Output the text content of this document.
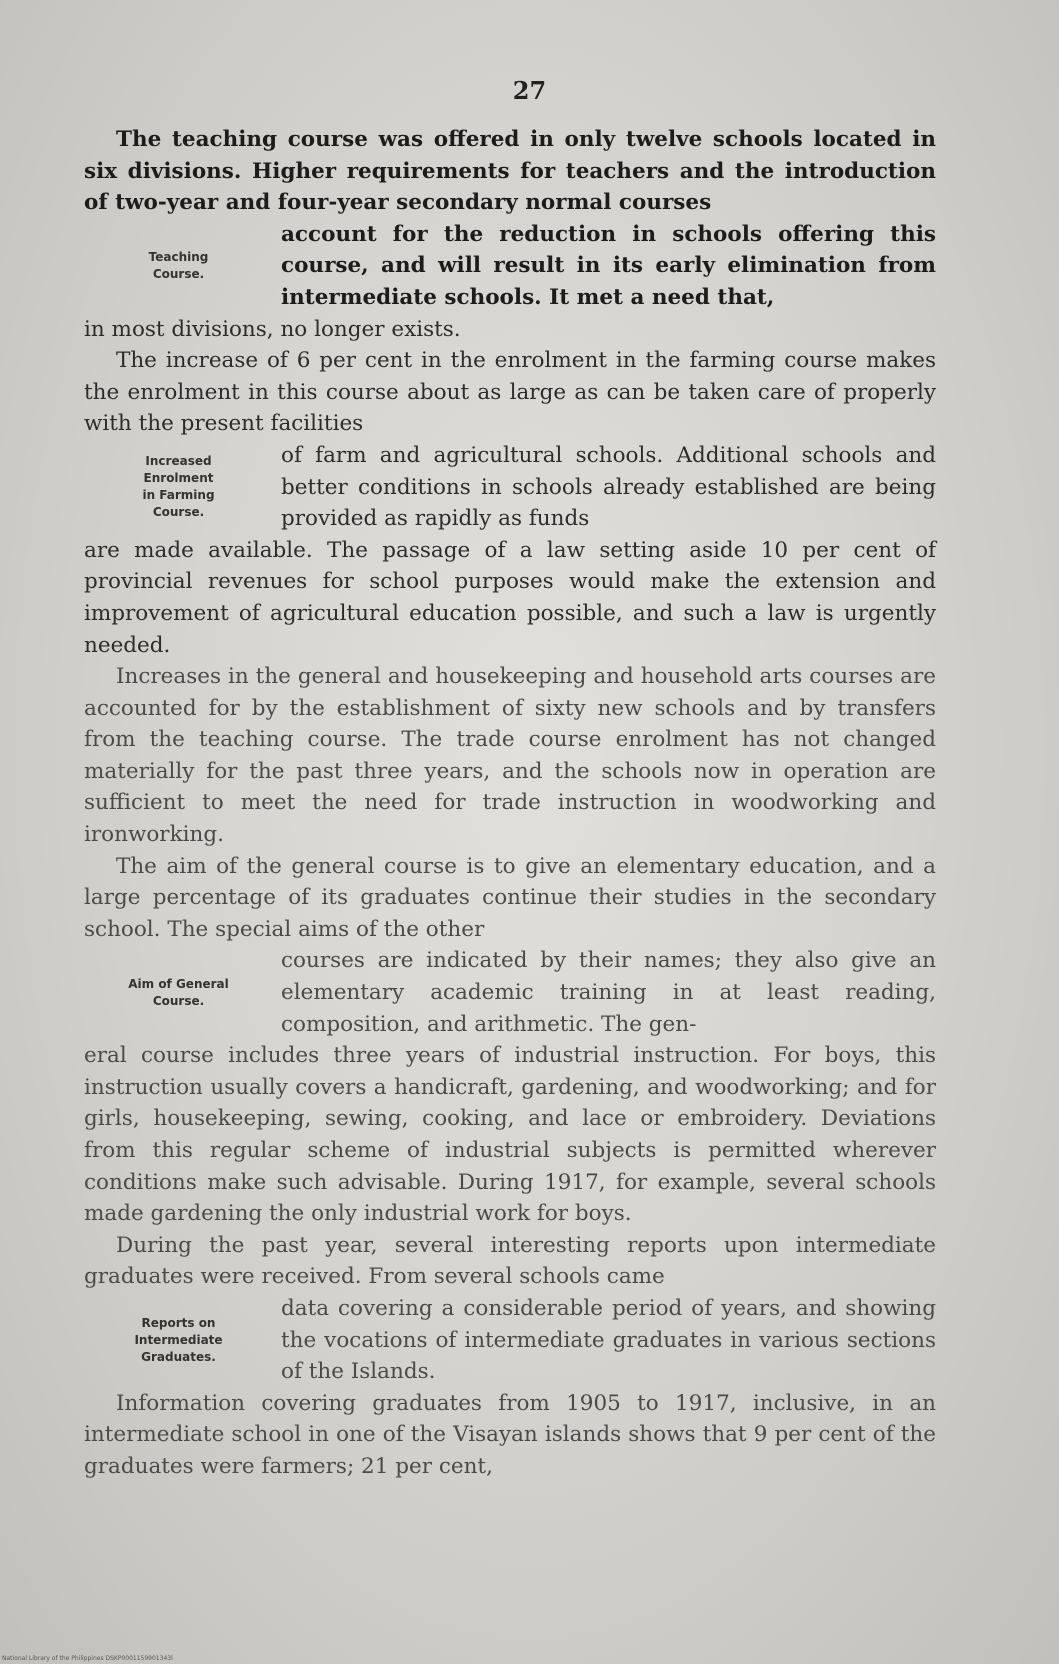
27

The teaching course was offered in only twelve schools located in six divisions. Higher requirements for teachers and the introduction of two-year and four-year secondary normal courses

Teaching
Course.
account for the reduction in schools offering this course, and will result in its early elimination from intermediate schools. It met a need that,

in most divisions, no longer exists.

The increase of 6 per cent in the enrolment in the farming course makes the enrolment in this course about as large as can be taken care of properly with the present facilities

Increased
Enrolment
in Farming
Course.
of farm and agricultural schools. Additional schools and better conditions in schools already established are being provided as rapidly as funds

are made available. The passage of a law setting aside 10 per cent of provincial revenues for school purposes would make the extension and improvement of agricultural education possible, and such a law is urgently needed.

Increases in the general and housekeeping and household arts courses are accounted for by the establishment of sixty new schools and by transfers from the teaching course. The trade course enrolment has not changed materially for the past three years, and the schools now in operation are sufficient to meet the need for trade instruction in woodworking and ironworking.

The aim of the general course is to give an elementary education, and a large percentage of its graduates continue their studies in the secondary school. The special aims of the other

Aim of General
Course.
courses are indicated by their names; they also give an elementary academic training in at least reading, composition, and arithmetic. The gen-

eral course includes three years of industrial instruction. For boys, this instruction usually covers a handicraft, gardening, and woodworking; and for girls, housekeeping, sewing, cooking, and lace or embroidery. Deviations from this regular scheme of industrial subjects is permitted wherever conditions make such advisable. During 1917, for example, several schools made gardening the only industrial work for boys.

During the past year, several interesting reports upon intermediate graduates were received. From several schools came

Reports on
Intermediate
Graduates.
data covering a considerable period of years, and showing the vocations of intermediate graduates in various sections of the Islands.

Information covering graduates from 1905 to 1917, inclusive, in an intermediate school in one of the Visayan islands shows that 9 per cent of the graduates were farmers; 21 per cent,

National Library of the Philippines DSKP0001159901343l
